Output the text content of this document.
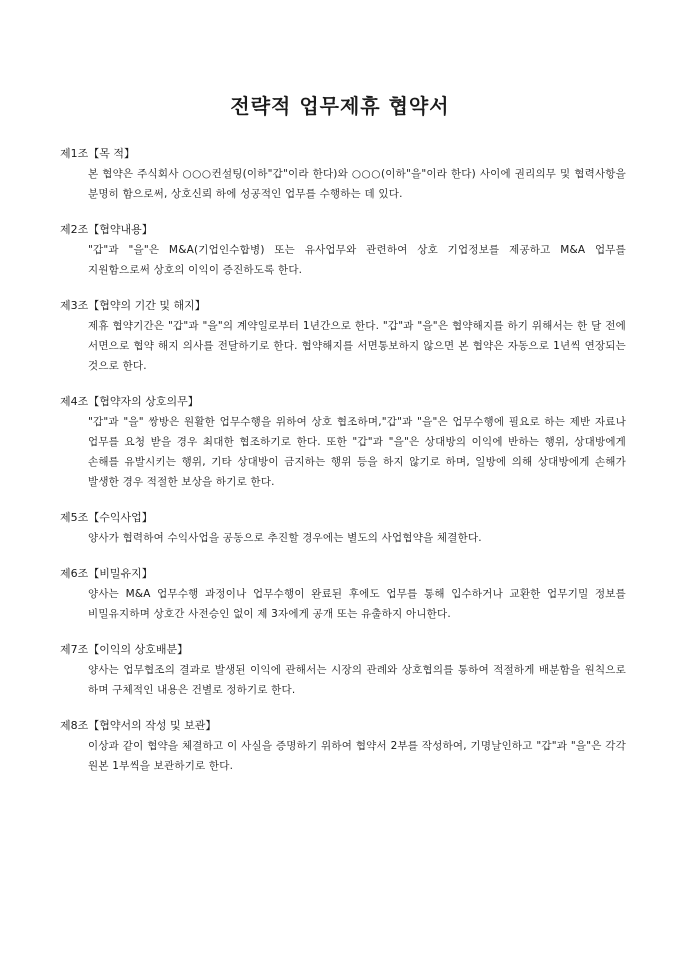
전략적 업무제휴 협약서
제1조【목 적】

본 협약은 주식회사 ○○○컨설팅(이하"갑"이라 한다)와 ○○○(이하"을"이라 한다) 사이에 권리의무 및 협력사항을 분명히 함으로써, 상호신뢰 하에 성공적인 업무를 수행하는 데 있다.

제2조【협약내용】

"갑"과 "을"은 M&A(기업인수합병) 또는 유사업무와 관련하여 상호 기업정보를 제공하고 M&A 업무를 지원함으로써 상호의 이익이 증진하도록 한다.

제3조【협약의 기간 및 해지】

제휴 협약기간은 "갑"과 "을"의 계약일로부터 1년간으로 한다. "갑"과 "을"은 협약해지를 하기 위해서는 한 달 전에 서면으로 협약 해지 의사를 전달하기로 한다. 협약해지를 서면통보하지 않으면 본 협약은 자동으로 1년씩 연장되는 것으로 한다.

제4조【협약자의 상호의무】

"갑"과 "을" 쌍방은 원활한 업무수행을 위하여 상호 협조하며,"갑"과 "을"은 업무수행에 필요로 하는 제반 자료나 업무를 요청 받을 경우 최대한 협조하기로 한다. 또한 "갑"과 "을"은 상대방의 이익에 반하는 행위, 상대방에게 손해를 유발시키는 행위, 기타 상대방이 금지하는 행위 등을 하지 않기로 하며, 일방에 의해 상대방에게 손해가 발생한 경우 적절한 보상을 하기로 한다.

제5조【수익사업】

양사가 협력하여 수익사업을 공동으로 추진할 경우에는 별도의 사업협약을 체결한다.

제6조【비밀유지】

양사는 M&A 업무수행 과정이나 업무수행이 완료된 후에도 업무를 통해 입수하거나 교환한 업무기밀 정보를 비밀유지하며 상호간 사전승인 없이 제 3자에게 공개 또는 유출하지 아니한다.

제7조【이익의 상호배분】

양사는 업무협조의 결과로 발생된 이익에 관해서는 시장의 관례와 상호협의를 통하여 적절하게 배분함을 원칙으로 하며 구체적인 내용은 건별로 정하기로 한다.

제8조【협약서의 작성 및 보관】

이상과 같이 협약을 체결하고 이 사실을 증명하기 위하여 협약서 2부를 작성하여, 기명날인하고 "갑"과 "을"은 각각 원본 1부씩을 보관하기로 한다.
